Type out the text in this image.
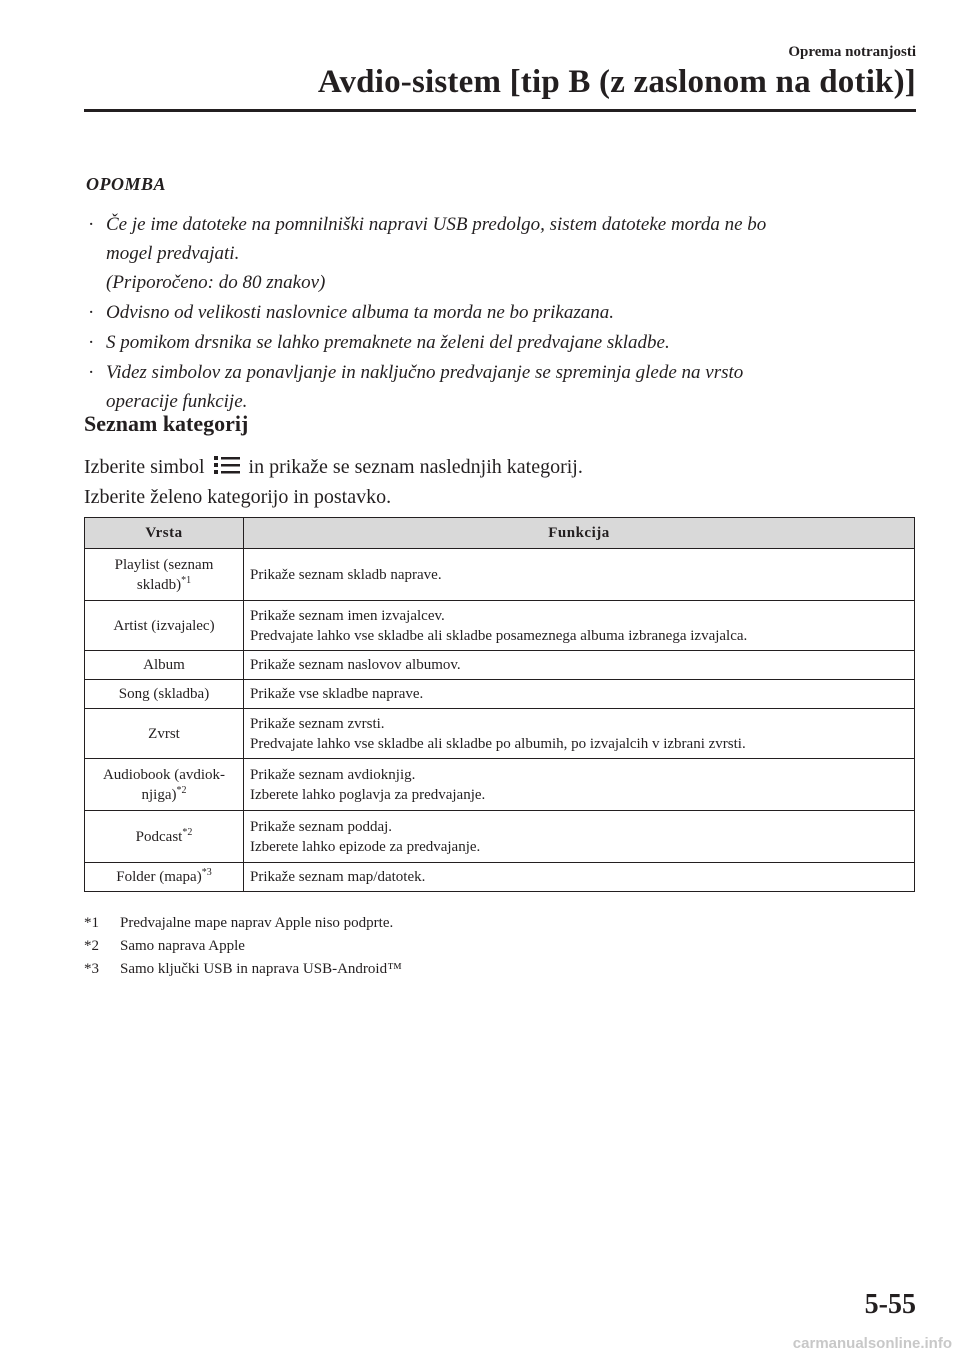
Oprema notranjosti
Avdio-sistem [tip B (z zaslonom na dotik)]
OPOMBA
· Če je ime datoteke na pomnilniški napravi USB predolgo, sistem datoteke morda ne bo
mogel predvajati.
(Priporočeno: do 80 znakov)
· Odvisno od velikosti naslovnice albuma ta morda ne bo prikazana.
· S pomikom drsnika se lahko premaknete na želeni del predvajane skladbe.
· Videz simbolov za ponavljanje in naključno predvajanje se spreminja glede na vrsto
operacije funkcije.
Seznam kategorij

Izberite simbol in prikaže se seznam naslednjih kategorij.

Izberite želeno kategorijo in postavko.

Vrsta	Funkcija
Playlist (seznam skladb)$^{*1}$	Prikaže seznam skladb naprave.

Artist (izvajalec)	Prikaže seznam imen izvajalcev.
Predvajate lahko vse skladbe ali skladbe posameznega albuma izbranega izvajalca.

Album	Prikaže seznam naslovov albumov.

Song (skladba)	Prikaže vse skladbe naprave.

Zvrst	Prikaže seznam zvrsti.
Predvajate lahko vse skladbe ali skladbe po albumih, po izvajalcih v izbrani zvrsti.

Audiobook (avdiok-njiga)$^{*2}$	Prikaže seznam avdioknjig.
Izberete lahko poglavja za predvajanje.

Podcast$^{*2}$	Prikaže seznam poddaj.
Izberete lahko epizode za predvajanje.

Folder (mapa)$^{*3}$	Prikaže seznam map/datotek.
*1 Predvajalne mape naprav Apple niso podprte.
*2 Samo naprava Apple
*3 Samo ključki USB in naprava USB-Android™
5-55
carmanualsonline.info
